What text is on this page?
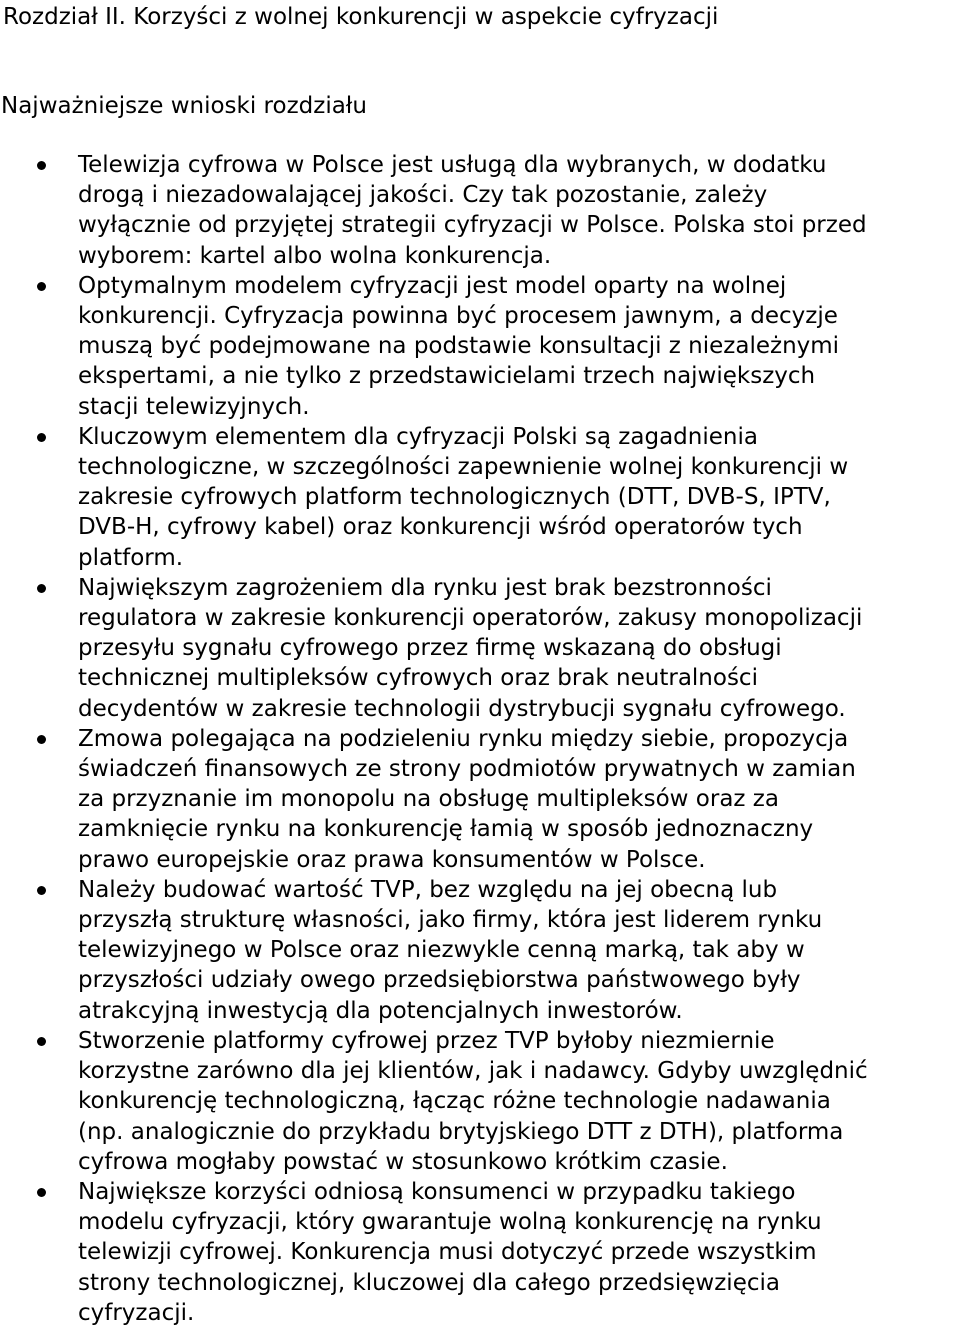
Rozdział II. Korzyści z wolnej konkurencji w aspekcie cyfryzacji
Najważniejsze wnioski rozdziału
Telewizja cyfrowa w Polsce jest usługą dla wybranych, w dodatku
drogą i niezadowalającej jakości. Czy tak pozostanie, zależy
wyłącznie od przyjętej strategii cyfryzacji w Polsce. Polska stoi przed
wyborem: kartel albo wolna konkurencja.
Optymalnym modelem cyfryzacji jest model oparty na wolnej
konkurencji. Cyfryzacja powinna być procesem jawnym, a decyzje
muszą być podejmowane na podstawie konsultacji z niezależnymi
ekspertami, a nie tylko z przedstawicielami trzech największych
stacji telewizyjnych.
Kluczowym elementem dla cyfryzacji Polski są zagadnienia
technologiczne, w szczególności zapewnienie wolnej konkurencji w
zakresie cyfrowych platform technologicznych (DTT, DVB-S, IPTV,
DVB-H, cyfrowy kabel) oraz konkurencji wśród operatorów tych
platform.
Największym zagrożeniem dla rynku jest brak bezstronności
regulatora w zakresie konkurencji operatorów, zakusy monopolizacji
przesyłu sygnału cyfrowego przez firmę wskazaną do obsługi
technicznej multipleksów cyfrowych oraz brak neutralności
decydentów w zakresie technologii dystrybucji sygnału cyfrowego.
Zmowa polegająca na podzieleniu rynku między siebie, propozycja
świadczeń finansowych ze strony podmiotów prywatnych w zamian
za przyznanie im monopolu na obsługę multipleksów oraz za
zamknięcie rynku na konkurencję łamią w sposób jednoznaczny
prawo europejskie oraz prawa konsumentów w Polsce.
Należy budować wartość TVP, bez względu na jej obecną lub
przyszłą strukturę własności, jako firmy, która jest liderem rynku
telewizyjnego w Polsce oraz niezwykle cenną marką, tak aby w
przyszłości udziały owego przedsiębiorstwa państwowego były
atrakcyjną inwestycją dla potencjalnych inwestorów.
Stworzenie platformy cyfrowej przez TVP byłoby niezmiernie
korzystne zarówno dla jej klientów, jak i nadawcy. Gdyby uwzględnić
konkurencję technologiczną, łącząc różne technologie nadawania
(np. analogicznie do przykładu brytyjskiego DTT z DTH), platforma
cyfrowa mogłaby powstać w stosunkowo krótkim czasie.
Największe korzyści odniosą konsumenci w przypadku takiego
modelu cyfryzacji, który gwarantuje wolną konkurencję na rynku
telewizji cyfrowej. Konkurencja musi dotyczyć przede wszystkim
strony technologicznej, kluczowej dla całego przedsięwzięcia
cyfryzacji.
